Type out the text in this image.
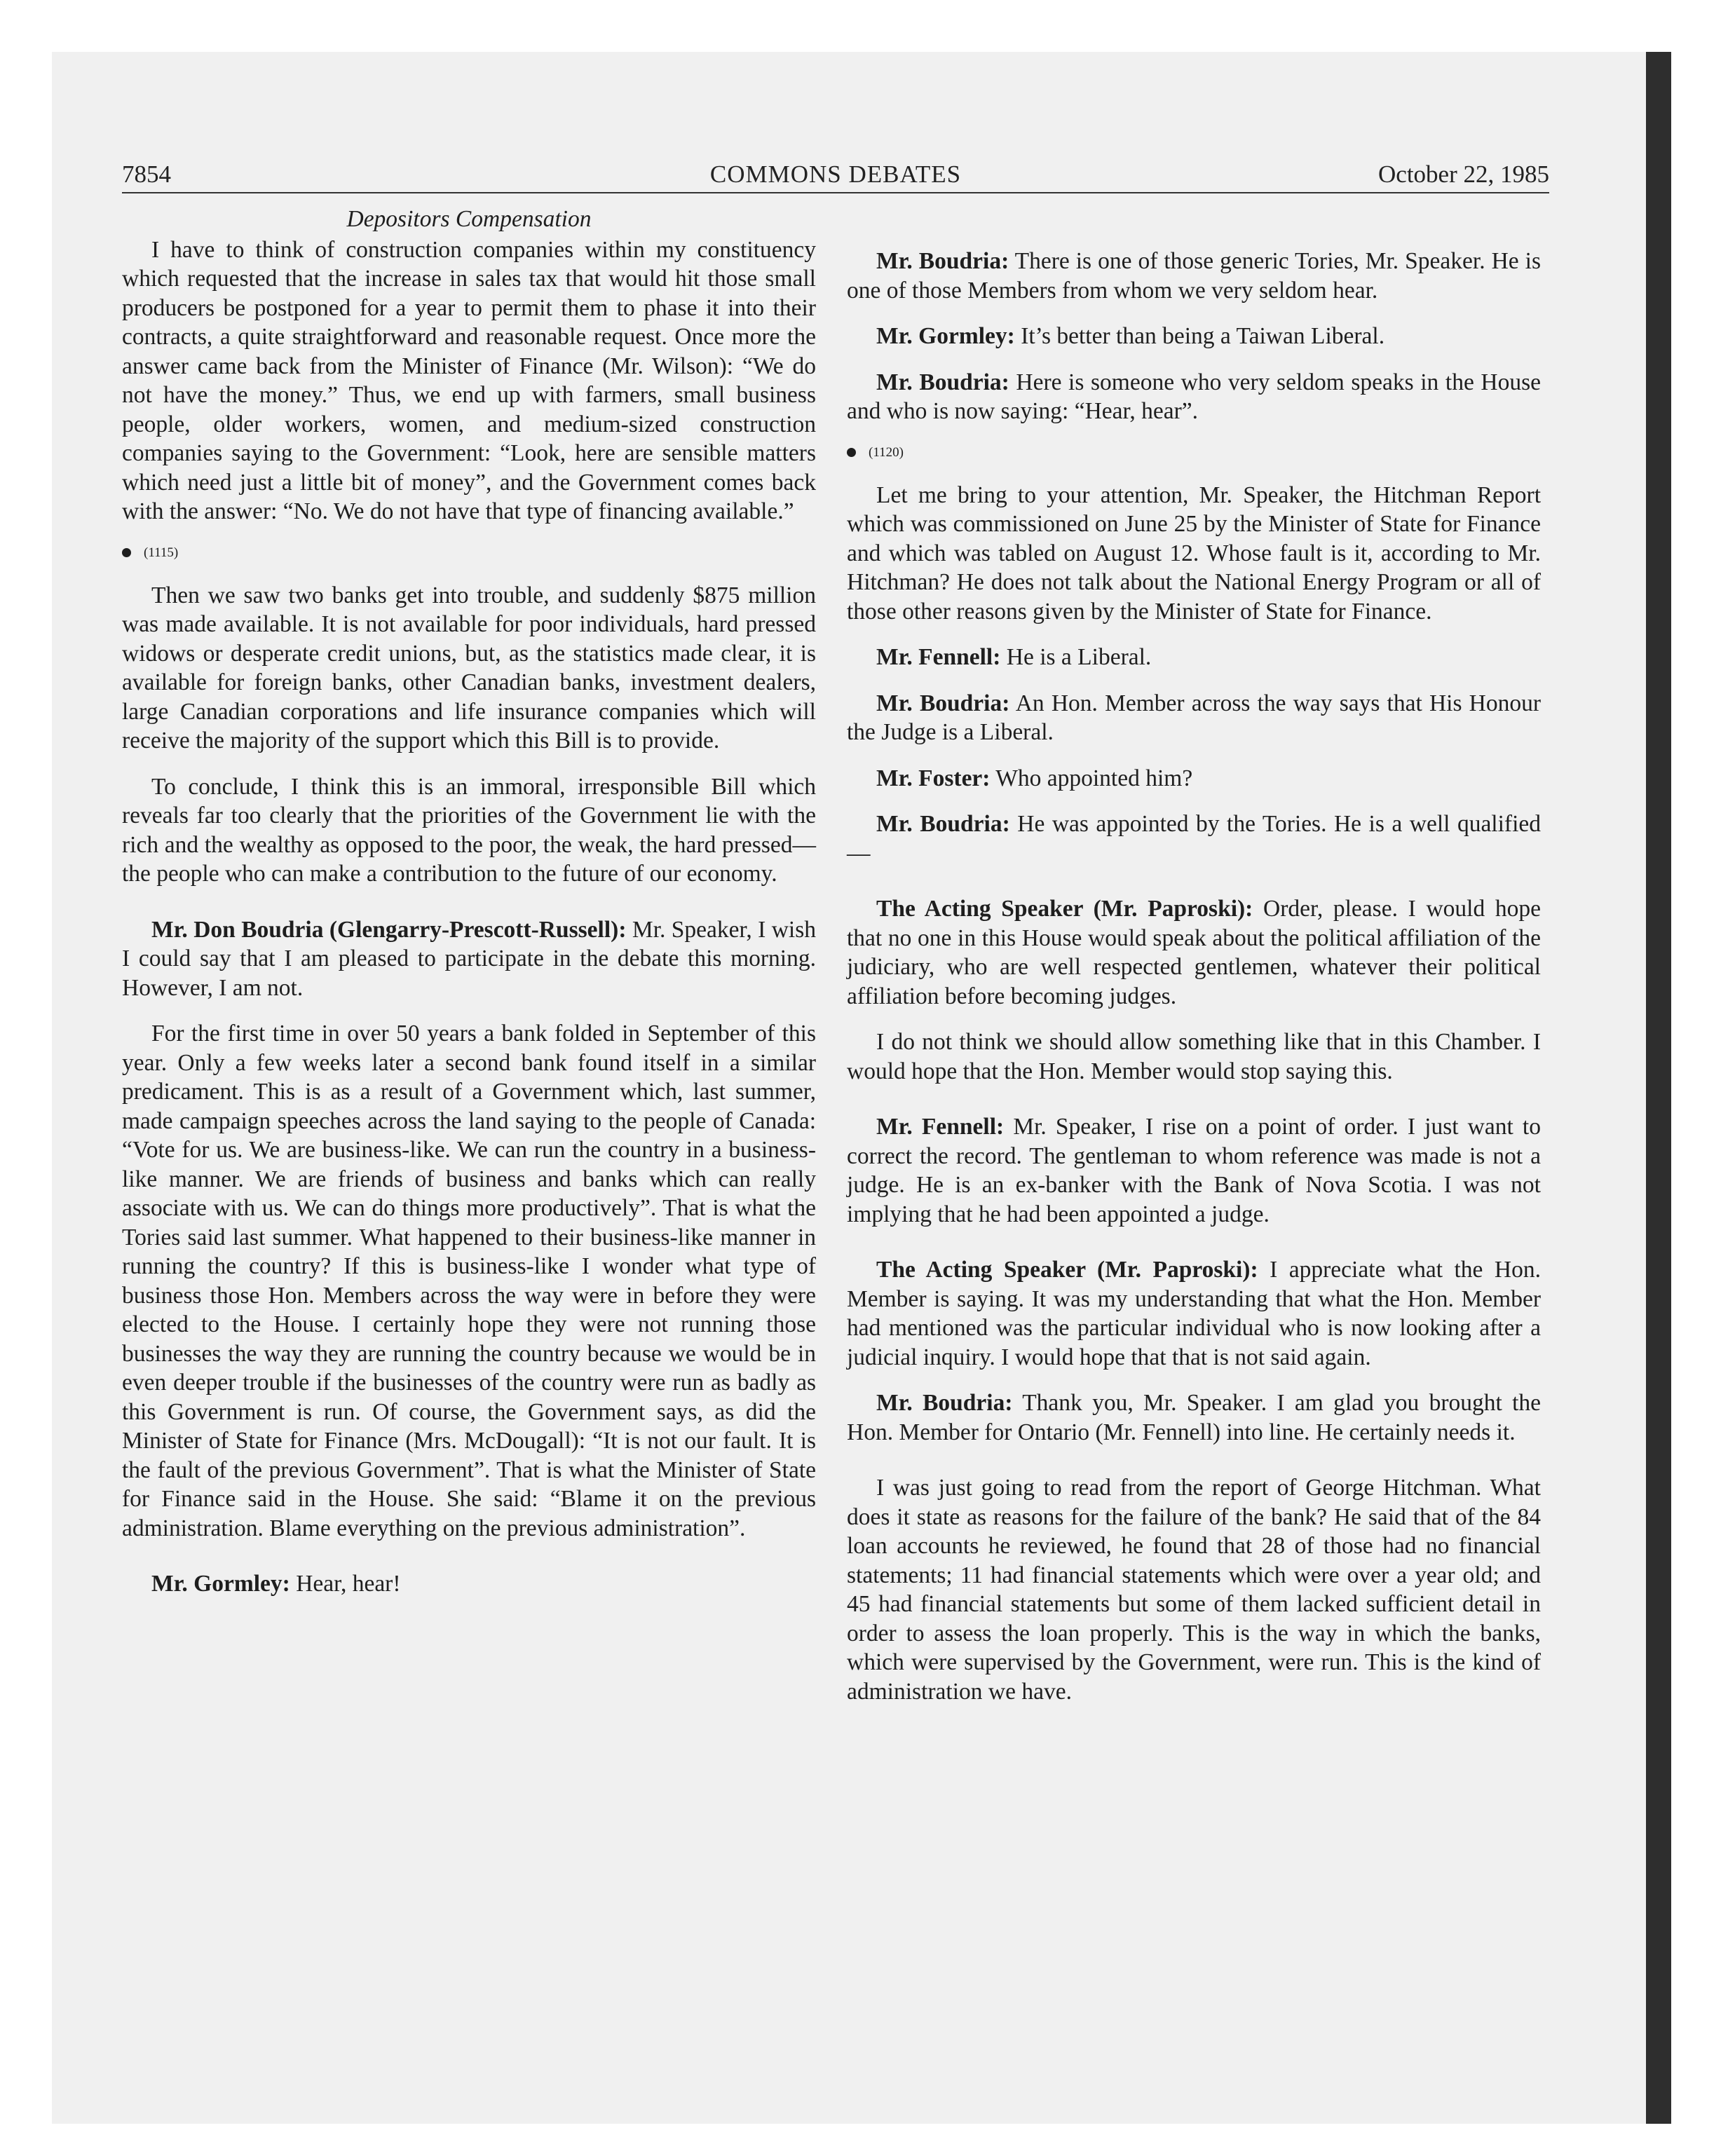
7854	COMMONS DEBATES	October 22, 1985
Depositors Compensation

I have to think of construction companies within my constituency which requested that the increase in sales tax that would hit those small producers be postponed for a year to permit them to phase it into their contracts, a quite straightforward and reasonable request. Once more the answer came back from the Minister of Finance (Mr. Wilson): “We do not have the money.” Thus, we end up with farmers, small business people, older workers, women, and medium-sized construction companies saying to the Government: “Look, here are sensible matters which need just a little bit of money”, and the Government comes back with the answer: “No. We do not have that type of financing available.”

(1115)

Then we saw two banks get into trouble, and suddenly $875 million was made available. It is not available for poor individuals, hard pressed widows or desperate credit unions, but, as the statistics made clear, it is available for foreign banks, other Canadian banks, investment dealers, large Canadian corporations and life insurance companies which will receive the majority of the support which this Bill is to provide.

To conclude, I think this is an immoral, irresponsible Bill which reveals far too clearly that the priorities of the Government lie with the rich and the wealthy as opposed to the poor, the weak, the hard pressed—the people who can make a contribution to the future of our economy.

Mr. Don Boudria (Glengarry-Prescott-Russell): Mr. Speaker, I wish I could say that I am pleased to participate in the debate this morning. However, I am not.

For the first time in over 50 years a bank folded in September of this year. Only a few weeks later a second bank found itself in a similar predicament. This is as a result of a Government which, last summer, made campaign speeches across the land saying to the people of Canada: “Vote for us. We are business-like. We can run the country in a business-like manner. We are friends of business and banks which can really associate with us. We can do things more productively”. That is what the Tories said last summer. What happened to their business-like manner in running the country? If this is business-like I wonder what type of business those Hon. Members across the way were in before they were elected to the House. I certainly hope they were not running those businesses the way they are running the country because we would be in even deeper trouble if the businesses of the country were run as badly as this Government is run. Of course, the Government says, as did the Minister of State for Finance (Mrs. McDougall): “It is not our fault. It is the fault of the previous Government”. That is what the Minister of State for Finance said in the House. She said: “Blame it on the previous administration. Blame everything on the previous administration”.

Mr. Gormley: Hear, hear!

Mr. Boudria: There is one of those generic Tories, Mr. Speaker. He is one of those Members from whom we very seldom hear.

Mr. Gormley: It’s better than being a Taiwan Liberal.

Mr. Boudria: Here is someone who very seldom speaks in the House and who is now saying: “Hear, hear”.

(1120)

Let me bring to your attention, Mr. Speaker, the Hitchman Report which was commissioned on June 25 by the Minister of State for Finance and which was tabled on August 12. Whose fault is it, according to Mr. Hitchman? He does not talk about the National Energy Program or all of those other reasons given by the Minister of State for Finance.

Mr. Fennell: He is a Liberal.

Mr. Boudria: An Hon. Member across the way says that His Honour the Judge is a Liberal.

Mr. Foster: Who appointed him?

Mr. Boudria: He was appointed by the Tories. He is a well qualified—

The Acting Speaker (Mr. Paproski): Order, please. I would hope that no one in this House would speak about the political affiliation of the judiciary, who are well respected gentlemen, whatever their political affiliation before becoming judges.

I do not think we should allow something like that in this Chamber. I would hope that the Hon. Member would stop saying this.

Mr. Fennell: Mr. Speaker, I rise on a point of order. I just want to correct the record. The gentleman to whom reference was made is not a judge. He is an ex-banker with the Bank of Nova Scotia. I was not implying that he had been appointed a judge.

The Acting Speaker (Mr. Paproski): I appreciate what the Hon. Member is saying. It was my understanding that what the Hon. Member had mentioned was the particular individual who is now looking after a judicial inquiry. I would hope that that is not said again.

Mr. Boudria: Thank you, Mr. Speaker. I am glad you brought the Hon. Member for Ontario (Mr. Fennell) into line. He certainly needs it.

I was just going to read from the report of George Hitchman. What does it state as reasons for the failure of the bank? He said that of the 84 loan accounts he reviewed, he found that 28 of those had no financial statements; 11 had financial statements which were over a year old; and 45 had financial statements but some of them lacked sufficient detail in order to assess the loan properly. This is the way in which the banks, which were supervised by the Government, were run. This is the kind of administration we have.
